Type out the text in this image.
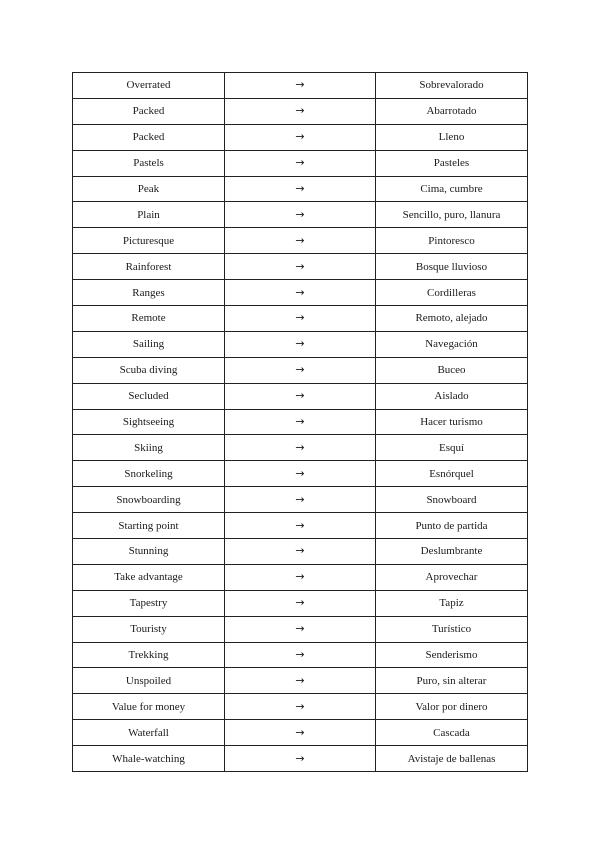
Overrated	→	Sobrevalorado
Packed	→	Abarrotado
Packed	→	Lleno
Pastels	→	Pasteles
Peak	→	Cima, cumbre
Plain	→	Sencillo, puro, llanura
Picturesque	→	Pintoresco
Rainforest	→	Bosque lluvioso
Ranges	→	Cordilleras
Remote	→	Remoto, alejado
Sailing	→	Navegación
Scuba diving	→	Buceo
Secluded	→	Aislado
Sightseeing	→	Hacer turismo
Skiing	→	Esquí
Snorkeling	→	Esnórquel
Snowboarding	→	Snowboard
Starting point	→	Punto de partida
Stunning	→	Deslumbrante
Take advantage	→	Aprovechar
Tapestry	→	Tapiz
Touristy	→	Turístico
Trekking	→	Senderismo
Unspoiled	→	Puro, sin alterar
Value for money	→	Valor por dinero
Waterfall	→	Cascada
Whale-watching	→	Avistaje de ballenas
